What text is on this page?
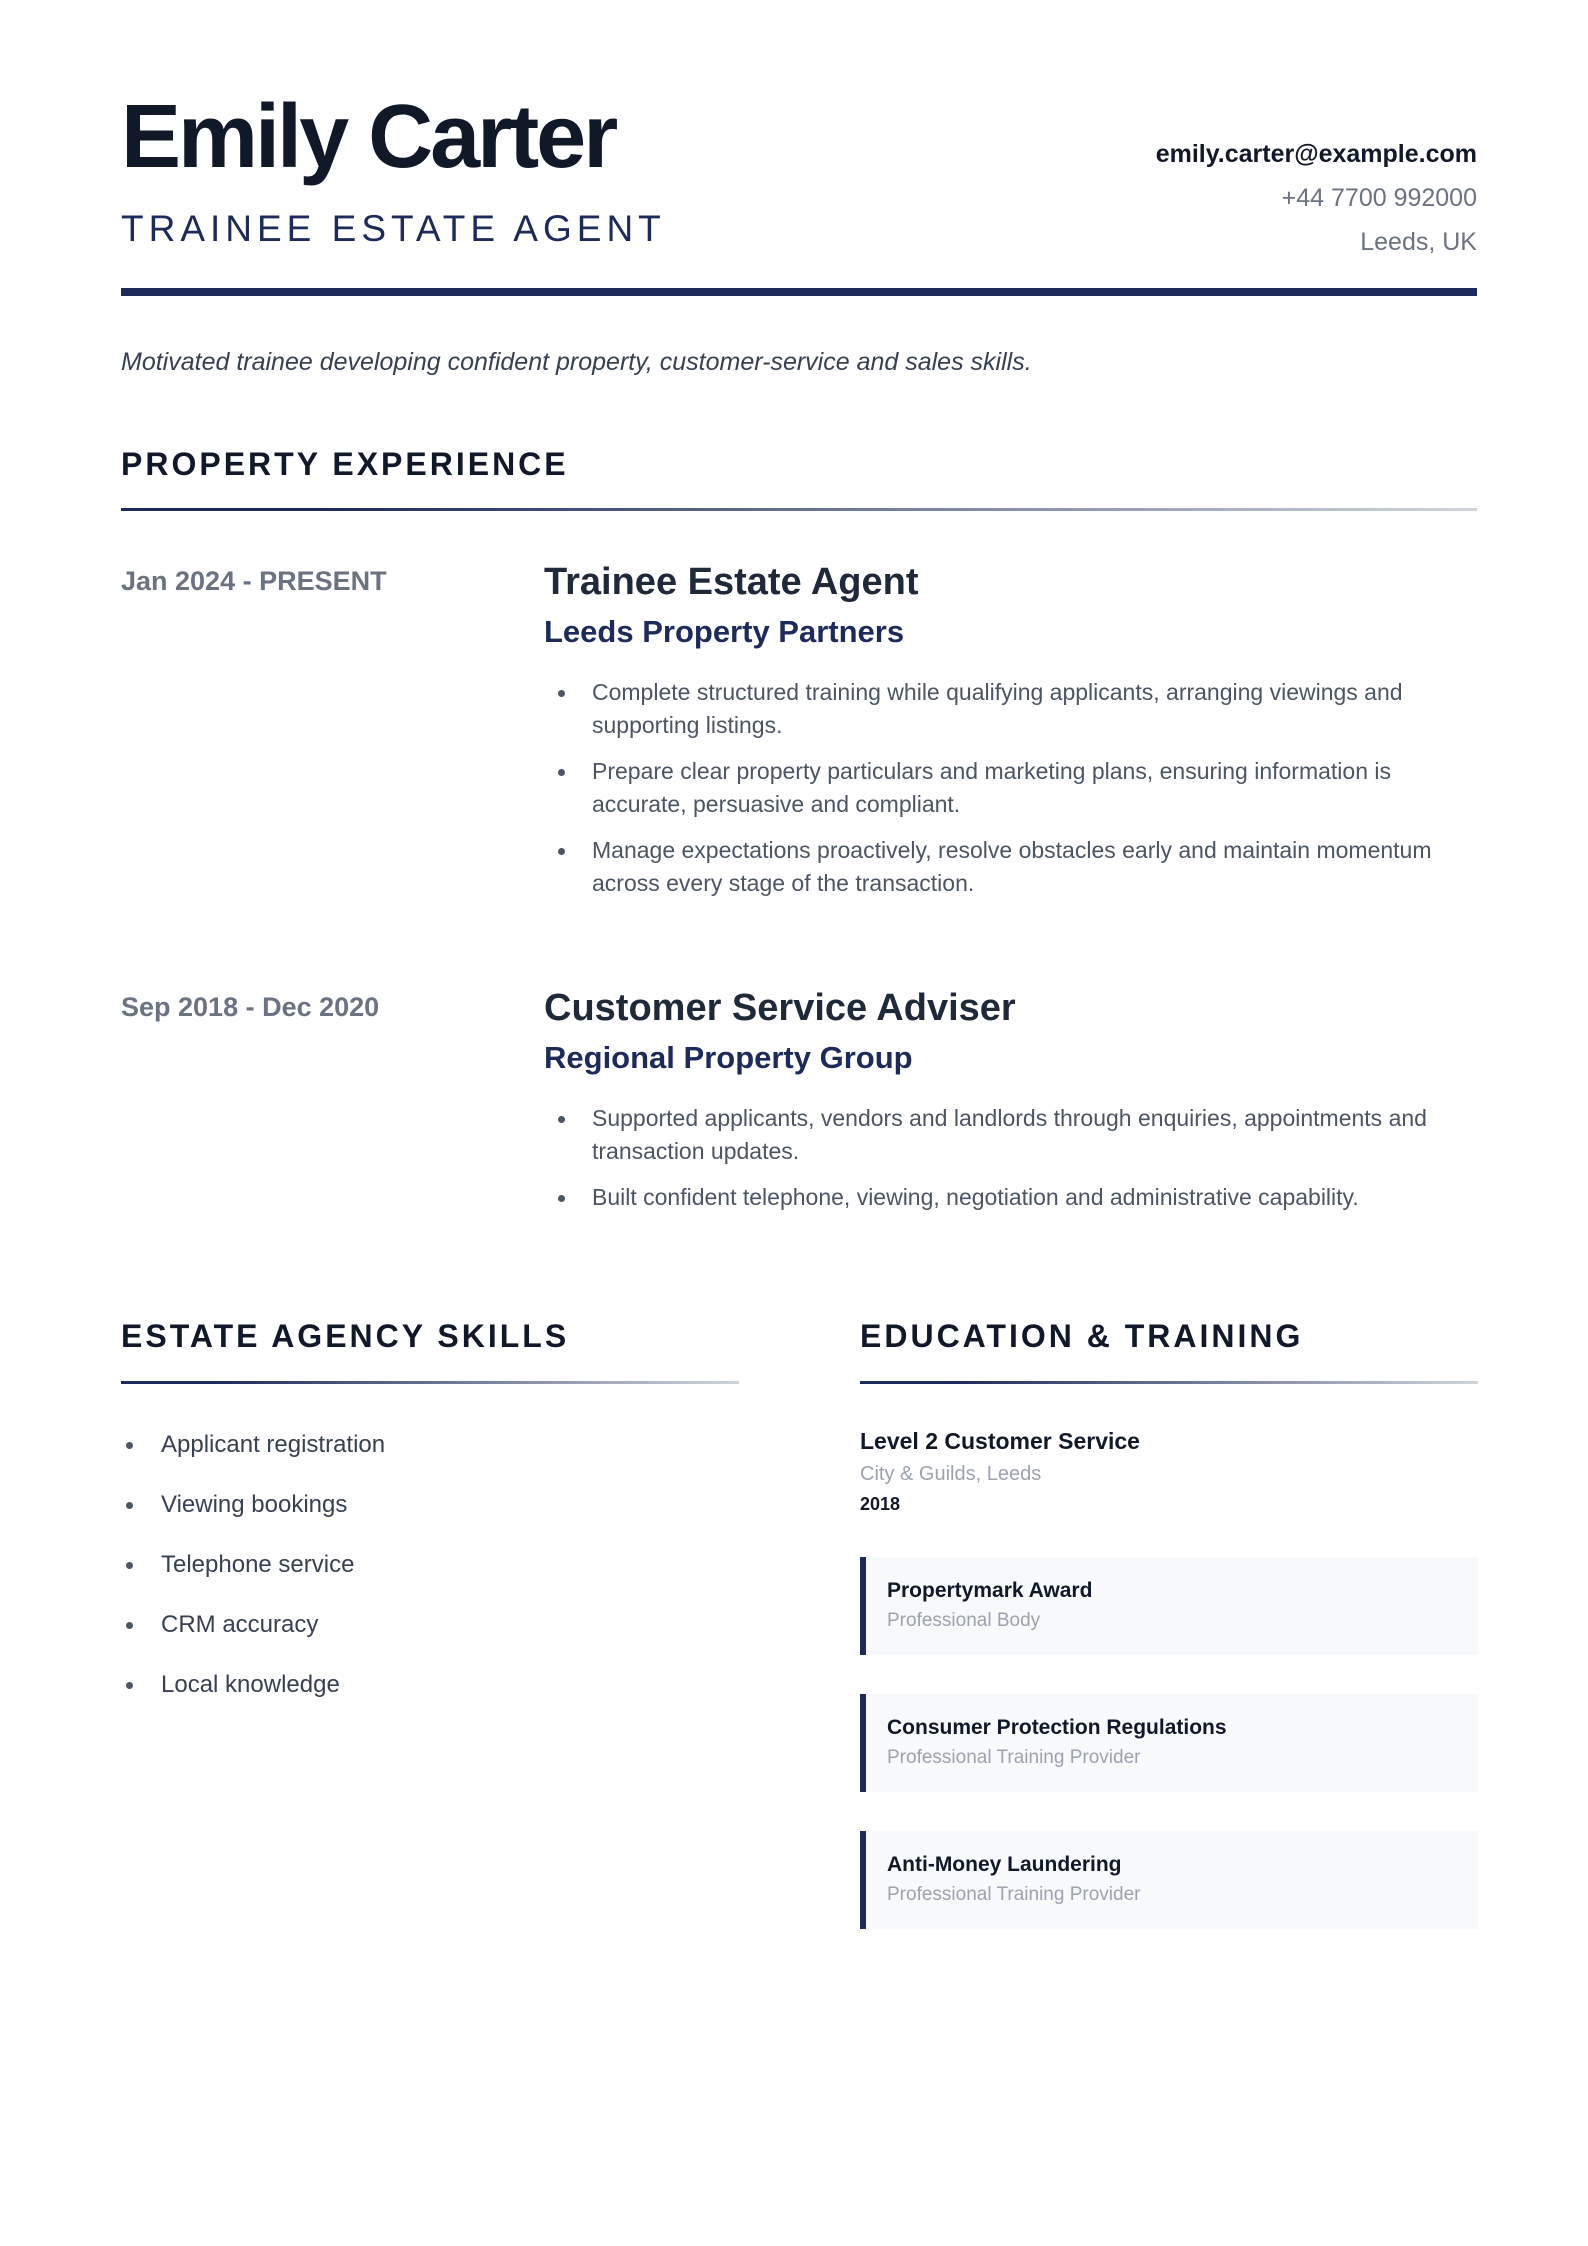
Emily Carter
TRAINEE ESTATE AGENT
emily.carter@example.com
+44 7700 992000
Leeds, UK
Motivated trainee developing confident property, customer-service and sales skills.
PROPERTY EXPERIENCE
Jan 2024 - PRESENT	Trainee Estate Agent
Leeds Property Partners
Complete structured training while qualifying applicants, arranging viewings and supporting listings.
Prepare clear property particulars and marketing plans, ensuring information is accurate, persuasive and compliant.
Manage expectations proactively, resolve obstacles early and maintain momentum across every stage of the transaction.
Sep 2018 - Dec 2020	Customer Service Adviser
Regional Property Group
Supported applicants, vendors and landlords through enquiries, appointments and transaction updates.
Built confident telephone, viewing, negotiation and administrative capability.
ESTATE AGENCY SKILLS
Applicant registration
Viewing bookings
Telephone service
CRM accuracy
Local knowledge
EDUCATION & TRAINING
Level 2 Customer Service
City & Guilds, Leeds
2018
Propertymark Award
Professional Body
Consumer Protection Regulations
Professional Training Provider
Anti-Money Laundering
Professional Training Provider
